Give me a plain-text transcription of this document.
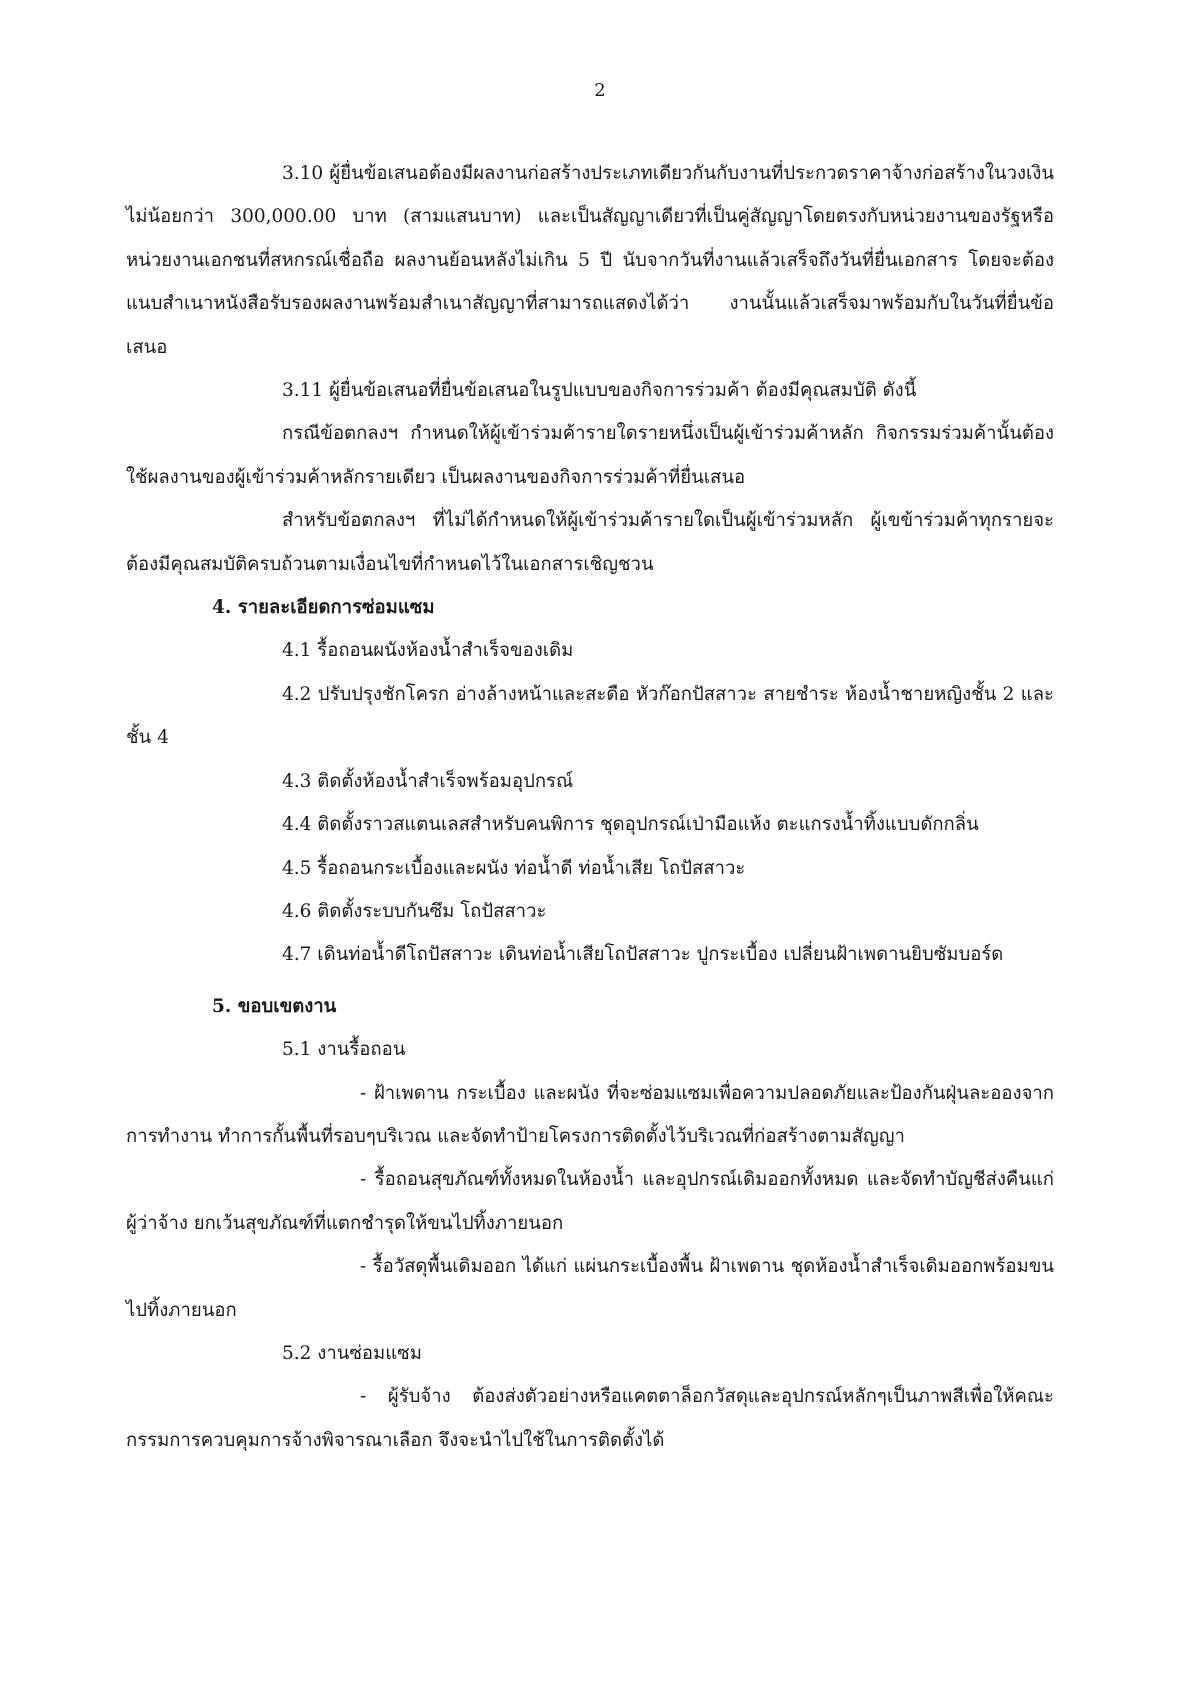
2

3.10 ผู้ยื่นข้อเสนอต้องมีผลงานก่อสร้างประเภทเดียวกันกับงานที่ประกวดราคาจ้างก่อสร้างในวงเงินไม่น้อยกว่า 300,000.00 บาท (สามแสนบาท) และเป็นสัญญาเดียวที่เป็นคู่สัญญาโดยตรงกับหน่วยงานของรัฐหรือหน่วยงานเอกชนที่สหกรณ์เชื่อถือ ผลงานย้อนหลังไม่เกิน 5 ปี นับจากวันที่งานแล้วเสร็จถึงวันที่ยื่นเอกสาร โดยจะต้องแนบสำเนาหนังสือรับรองผลงานพร้อมสำเนาสัญญาที่สามารถแสดงได้ว่า งานนั้นแล้วเสร็จมาพร้อมกับในวันที่ยื่นข้อเสนอ

3.11 ผู้ยื่นข้อเสนอที่ยื่นข้อเสนอในรูปแบบของกิจการร่วมค้า ต้องมีคุณสมบัติ ดังนี้

กรณีข้อตกลงฯ กำหนดให้ผู้เข้าร่วมค้ารายใดรายหนึ่งเป็นผู้เข้าร่วมค้าหลัก กิจกรรมร่วมค้านั้นต้องใช้ผลงานของผู้เข้าร่วมค้าหลักรายเดียว เป็นผลงานของกิจการร่วมค้าที่ยื่นเสนอ

สำหรับข้อตกลงฯ ที่ไม่ได้กำหนดให้ผู้เข้าร่วมค้ารายใดเป็นผู้เข้าร่วมหลัก ผู้เขข้าร่วมค้าทุกรายจะต้องมีคุณสมบัติครบถ้วนตามเงื่อนไขที่กำหนดไว้ในเอกสารเชิญชวน

4. รายละเอียดการซ่อมแซม

4.1 รื้อถอนผนังห้องน้ำสำเร็จของเดิม

4.2 ปรับปรุงชักโครก อ่างล้างหน้าและสะดือ หัวก๊อกปัสสาวะ สายชำระ ห้องน้ำชายหญิงชั้น 2 และชั้น 4

4.3 ติดตั้งห้องน้ำสำเร็จพร้อมอุปกรณ์

4.4 ติดตั้งราวสแตนเลสสำหรับคนพิการ ชุดอุปกรณ์เป่ามือแห้ง ตะแกรงน้ำทิ้งแบบดักกลิ่น

4.5 รื้อถอนกระเบื้องและผนัง ท่อน้ำดี ท่อน้ำเสีย โถปัสสาวะ

4.6 ติดตั้งระบบกันซึม โถปัสสาวะ

4.7 เดินท่อน้ำดีโถปัสสาวะ เดินท่อน้ำเสียโถปัสสาวะ ปูกระเบื้อง เปลี่ยนฝ้าเพดานยิบซัมบอร์ด

5. ขอบเขตงาน

5.1 งานรื้อถอน

- ฝ้าเพดาน กระเบื้อง และผนัง ที่จะซ่อมแซมเพื่อความปลอดภัยและป้องกันฝุ่นละอองจากการทำงาน ทำการกั้นพื้นที่รอบๆบริเวณ และจัดทำป้ายโครงการติดตั้งไว้บริเวณที่ก่อสร้างตามสัญญา

- รื้อถอนสุขภัณฑ์ทั้งหมดในห้องน้ำ และอุปกรณ์เดิมออกทั้งหมด และจัดทำบัญชีส่งคืนแก่ผู้ว่าจ้าง ยกเว้นสุขภัณฑ์ที่แตกชำรุดให้ขนไปทิ้งภายนอก

- รื้อวัสดุพื้นเดิมออก ได้แก่ แผ่นกระเบื้องพื้น ฝ้าเพดาน ชุดห้องน้ำสำเร็จเดิมออกพร้อมขนไปทิ้งภายนอก

5.2 งานซ่อมแซม

- ผู้รับจ้าง ต้องส่งตัวอย่างหรือแคตตาล็อกวัสดุและอุปกรณ์หลักๆเป็นภาพสีเพื่อให้คณะกรรมการควบคุมการจ้างพิจารณาเลือก จึงจะนำไปใช้ในการติดตั้งได้
